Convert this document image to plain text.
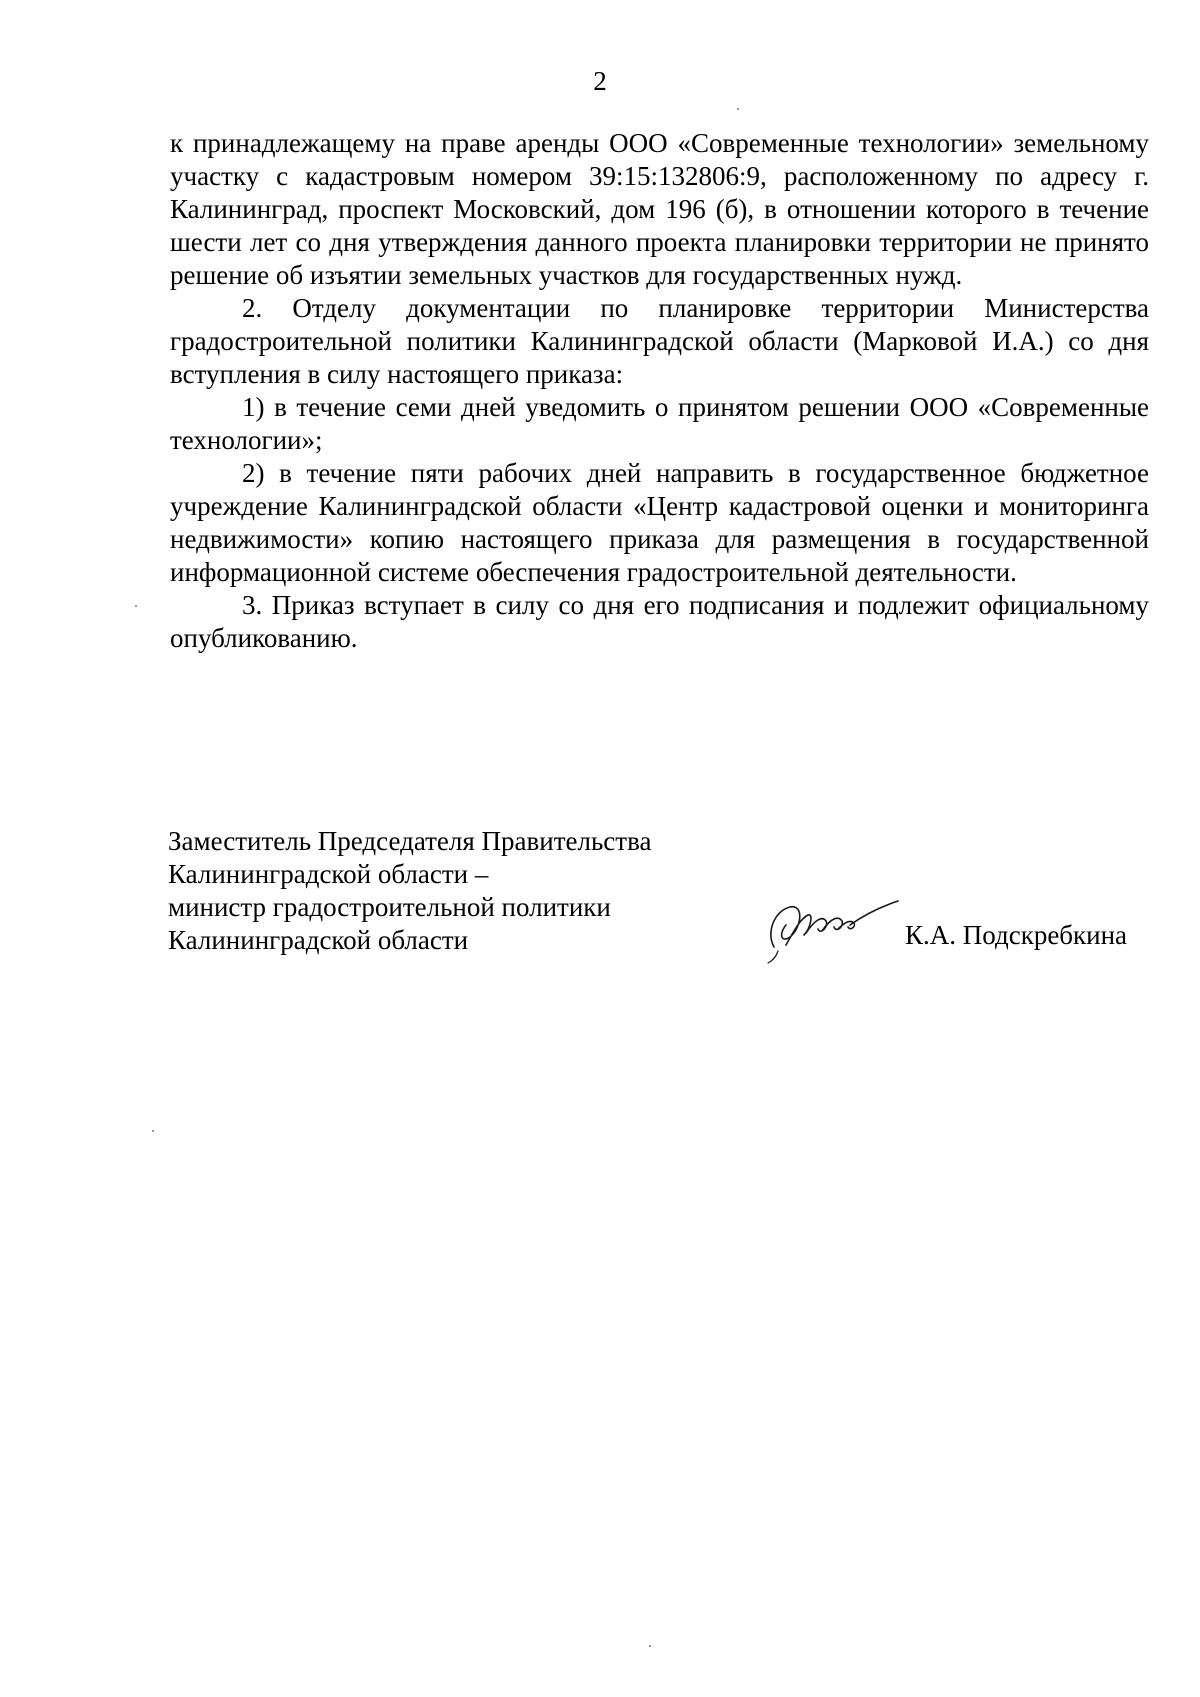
2

к принадлежащему на праве аренды ООО «Современные технологии» земельному участку с кадастровым номером 39:15:132806:9, расположенному по адресу г. Калининград, проспект Московский, дом 196 (б), в отношении которого в течение шести лет со дня утверждения данного проекта планировки территории не принято решение об изъятии земельных участков для государственных нужд.

2. Отделу документации по планировке территории Министерства градостроительной политики Калининградской области (Марковой И.А.) со дня вступления в силу настоящего приказа:

1) в течение семи дней уведомить о принятом решении ООО «Современные технологии»;

2) в течение пяти рабочих дней направить в государственное бюджетное учреждение Калининградской области «Центр кадастровой оценки и мониторинга недвижимости» копию настоящего приказа для размещения в государственной информационной системе обеспечения градостроительной деятельности.

3. Приказ вступает в силу со дня его подписания и подлежит официальному опубликованию.

Заместитель Председателя Правительства
Калининградской области –
министр градостроительной политики
Калининградской области	К.А. Подскребкина
